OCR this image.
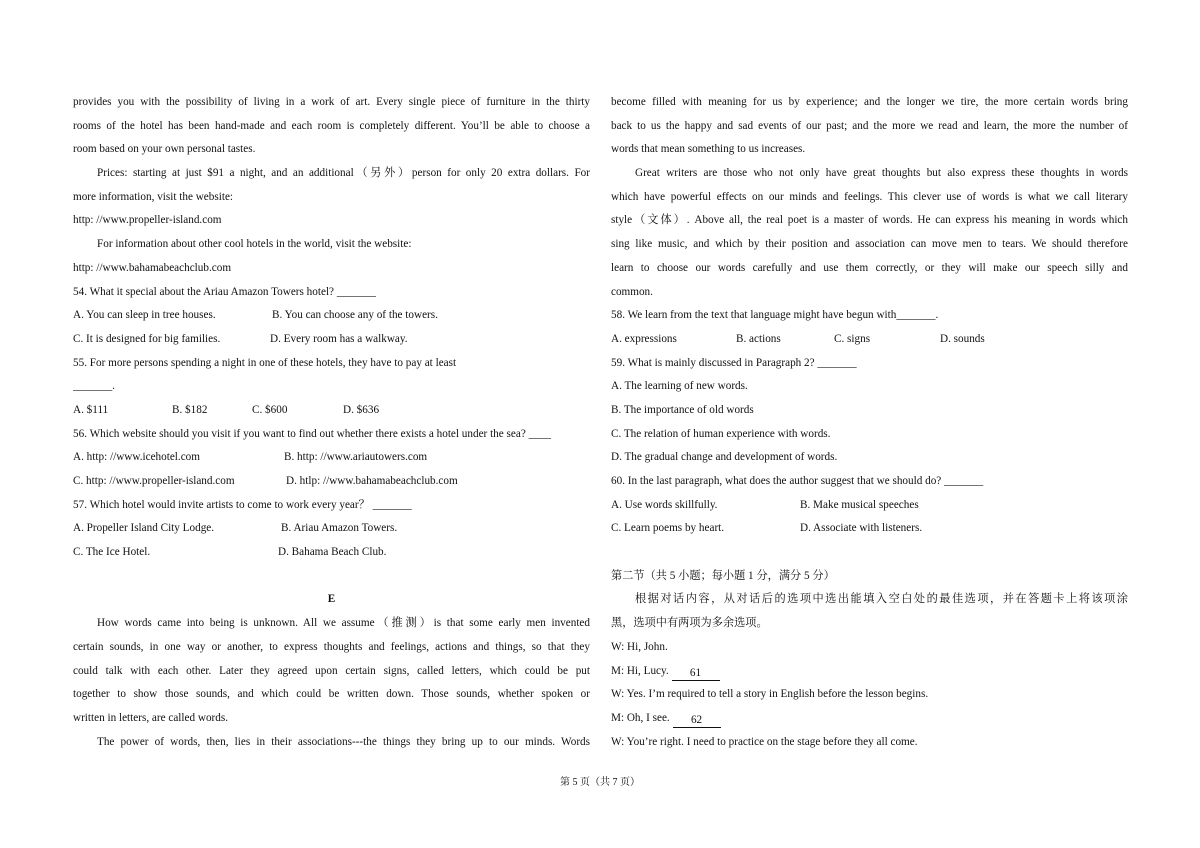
provides you with the possibility of living in a work of art. Every single piece of furniture in the thirty
rooms of the hotel has been hand-made and each room is completely different. You’ll be able to choose a
room based on your own personal tastes.
Prices: starting at just $91 a night, and an additional（另外）person for only 20 extra dollars. For
more information, visit the website:
http: //www.propeller-island.com
For information about other cool hotels in the world, visit the website:
http: //www.bahamabeachclub.com
54. What it special about the Ariau Amazon Towers hotel? _______
A. You can sleep in tree houses.	B. You can choose any of the towers.
C. It is designed for big families.	D. Every room has a walkway.
55. For more persons spending a night in one of these hotels, they have to pay at least
_______.
A. $111	B. $182	C. $600	D. $636
56. Which website should you visit if you want to find out whether there exists a hotel under the sea? ____
A. http: //www.icehotel.com	B. http: //www.ariautowers.com
C. http: //www.propeller-island.com	D. htlp: //www.bahamabeachclub.com
57. Which hotel would invite artists to come to work every year？ _______
A. Propeller Island City Lodge.	B. Ariau Amazon Towers.
C. The Ice Hotel.	D. Bahama Beach Club.
E
How words came into being is unknown. All we assume（推测）is that some early men invented
certain sounds, in one way or another, to express thoughts and feelings, actions and things, so that they
could talk with each other. Later they agreed upon certain signs, called letters, which could be put
together to show those sounds, and which could be written down. Those sounds, whether spoken or
written in letters, are called words.
The power of words, then, lies in their associations---the things they bring up to our minds. Words
become filled with meaning for us by experience; and the longer we tire, the more certain words bring
back to us the happy and sad events of our past; and the more we read and learn, the more the number of
words that mean something to us increases.
Great writers are those who not only have great thoughts but also express these thoughts in words
which have powerful effects on our minds and feelings. This clever use of words is what we call literary
style（文体）. Above all, the real poet is a master of words. He can express his meaning in words which
sing like music, and which by their position and association can move men to tears. We should therefore
learn to choose our words carefully and use them correctly, or they will make our speech silly and
common.
58. We learn from the text that language might have begun with_______.
A. expressions	B. actions	C. signs	D. sounds
59. What is mainly discussed in Paragraph 2? _______
A. The learning of new words.
B. The importance of old words
C. The relation of human experience with words.
D. The gradual change and development of words.
60. In the last paragraph, what does the author suggest that we should do? _______
A. Use words skillfully.	B. Make musical speeches
C. Learn poems by heart.	D. Associate with listeners.
第二节（共 5 小题；每小题 1 分，满分 5 分）
根据对话内容，从对话后的选项中选出能填入空白处的最佳选项，并在答题卡上将该项涂
黑，选项中有两项为多余选项。
W: Hi, John.
M: Hi, Lucy. 61
W: Yes. I’m required to tell a story in English before the lesson begins.
M: Oh, I see. 62
W: You’re right. I need to practice on the stage before they all come.
第 5 页（共 7 页）
